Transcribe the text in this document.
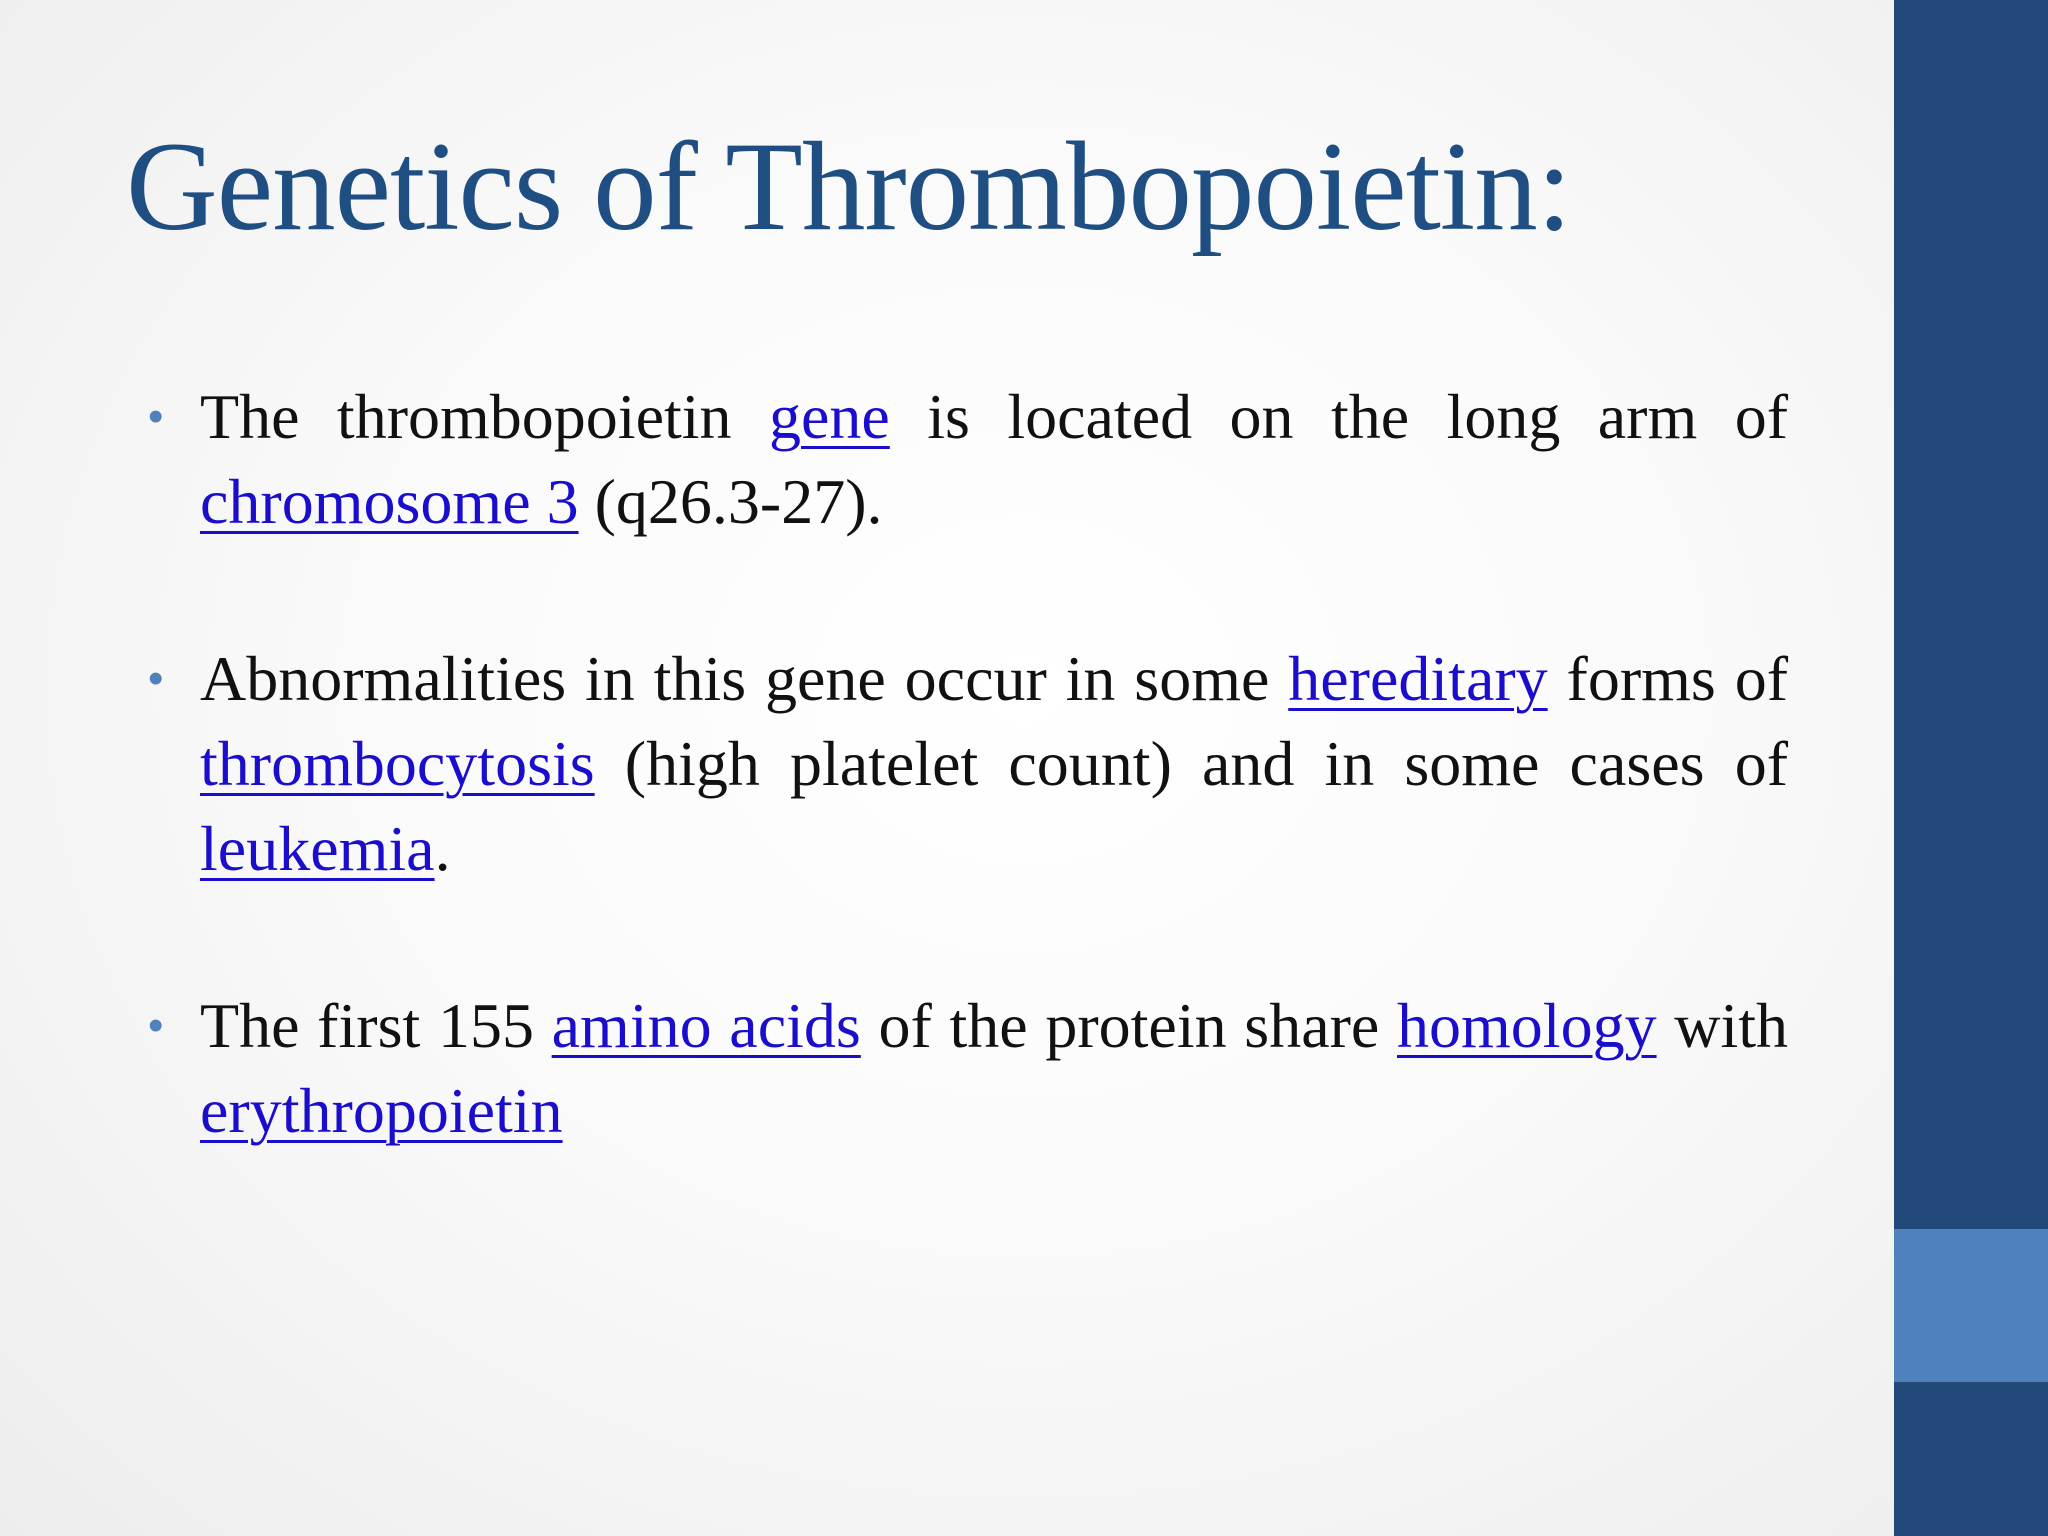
Genetics of Thrombopoietin:
• The thrombopoietin gene is located on the long arm of chromosome 3 (q26.3-27).
• Abnormalities in this gene occur in some hereditary forms of thrombocytosis (high platelet count) and in some cases of leukemia.
• The first 155 amino acids of the protein share homology with erythropoietin
